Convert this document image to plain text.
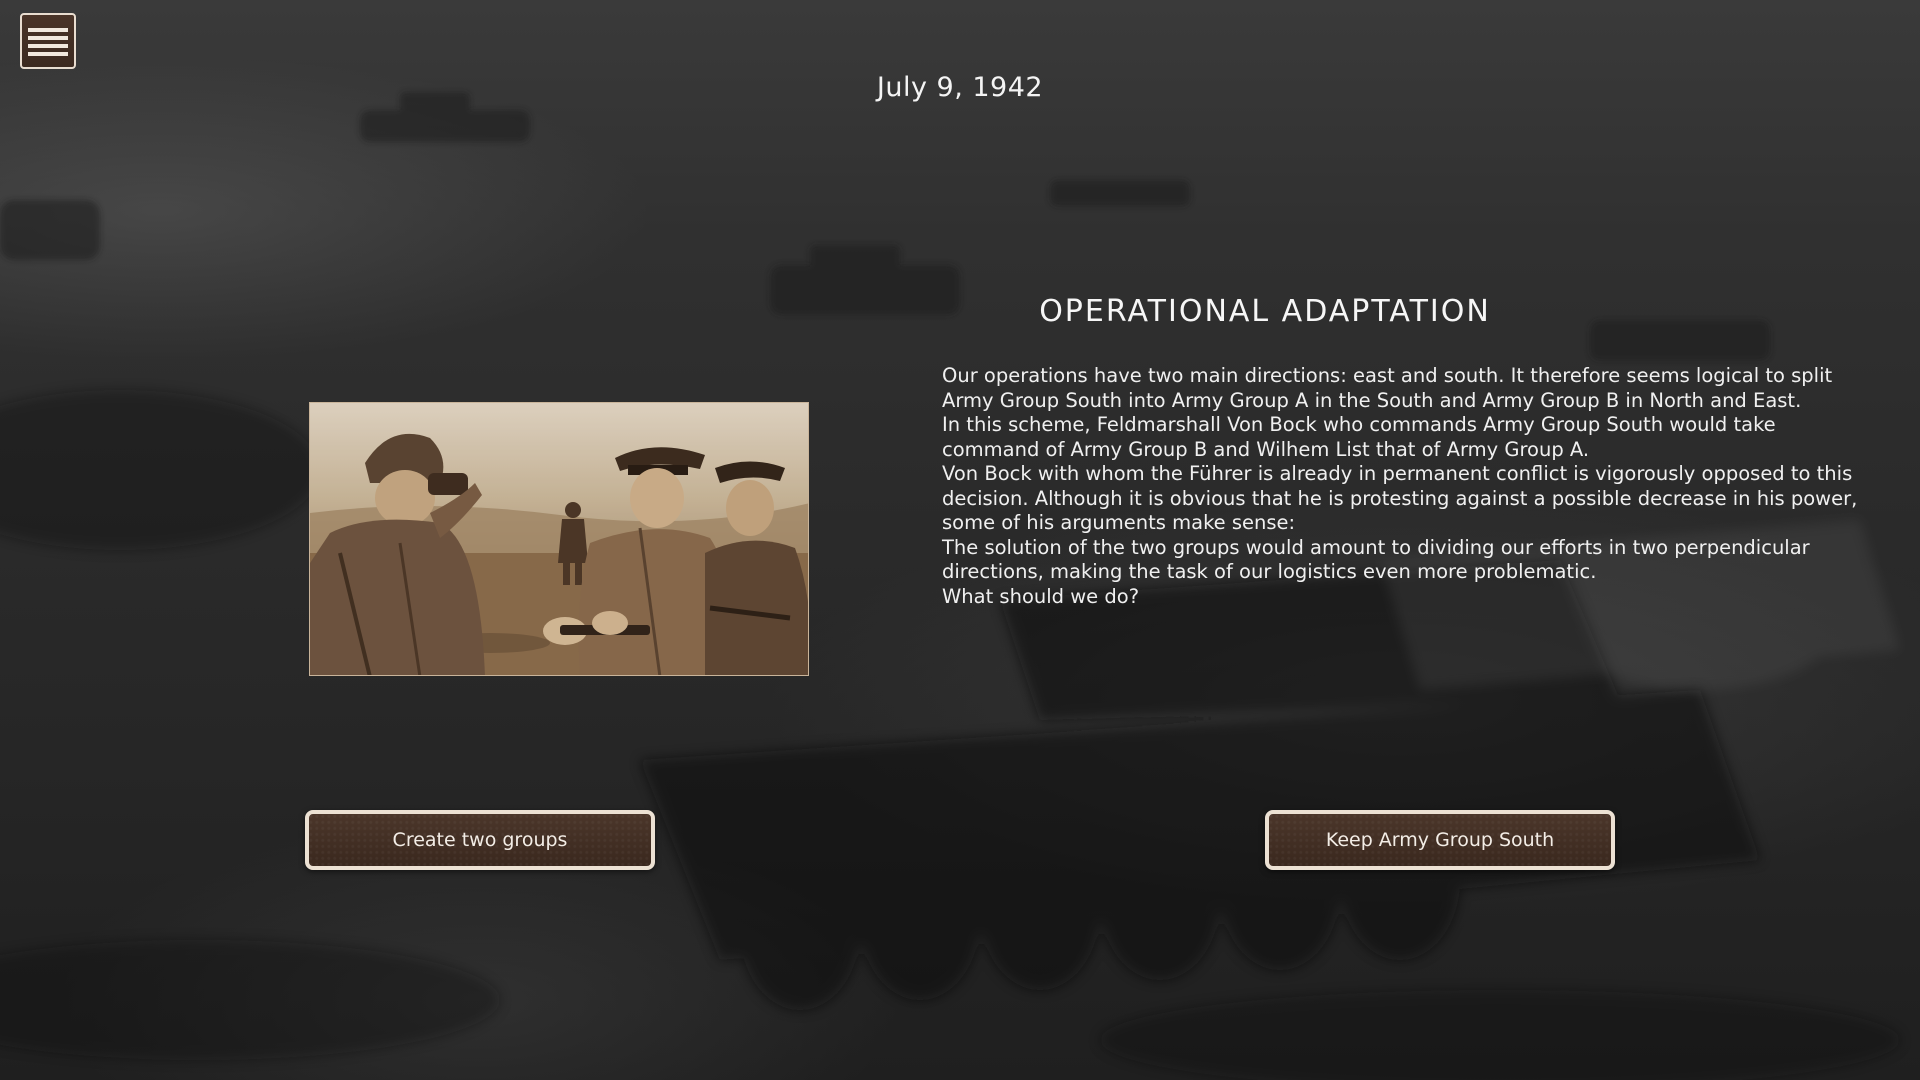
July 9, 1942
OPERATIONAL ADAPTATION

Our operations have two main directions: east and south. It therefore seems logical to split Army Group South into Army Group A in the South and Army Group B in North and East.

In this scheme, Feldmarshall Von Bock who commands Army Group South would take command of Army Group B and Wilhem List that of Army Group A.

Von Bock with whom the Führer is already in permanent conflict is vigorously opposed to this decision. Although it is obvious that he is protesting against a possible decrease in his power, some of his arguments make sense:

The solution of the two groups would amount to dividing our efforts in two perpendicular directions, making the task of our logistics even more problematic.

What should we do?

Create two groups	Keep Army Group South
